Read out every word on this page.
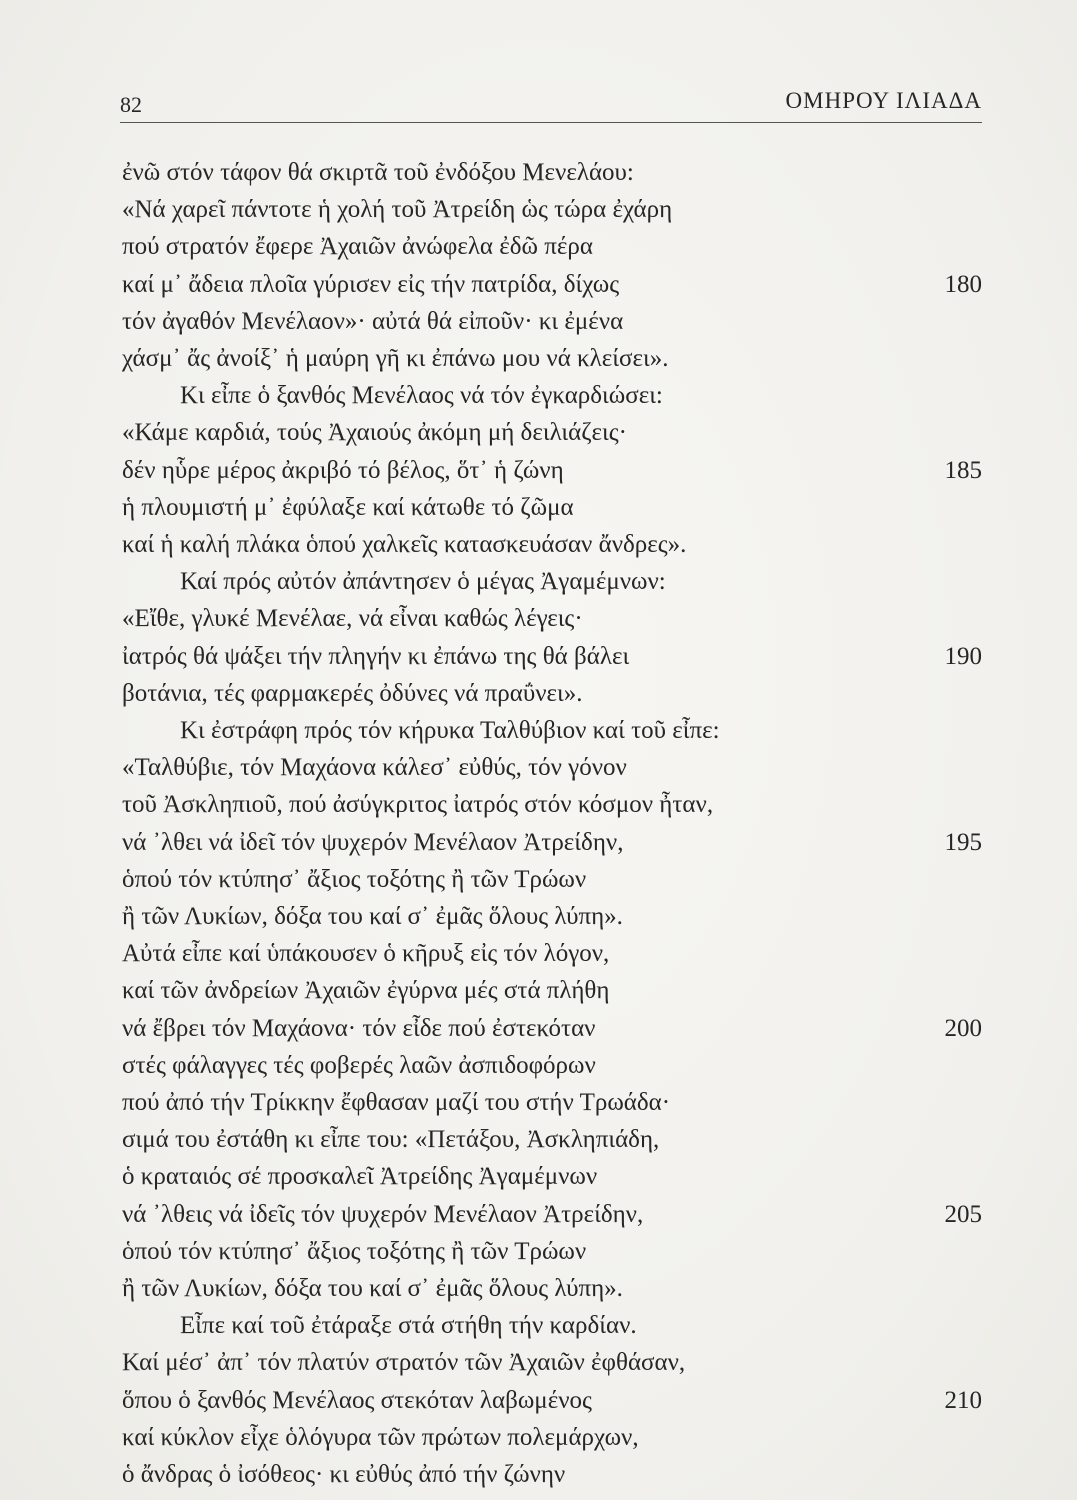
82	ΟΜΗΡΟΥ ΙΛΙΑΔΑ
ἐνῶ στόν τάφον θά σκιρτᾶ τοῦ ἐνδόξου Μενελάου:
«Νά χαρεῖ πάντοτε ἡ χολή τοῦ Ἀτρείδη ὡς τώρα ἐχάρη
πού στρατόν ἔφερε Ἀχαιῶν ἀνώφελα ἐδῶ πέρα
καί μ᾿ ἄδεια πλοῖα γύρισεν εἰς τήν πατρίδα, δίχως	180
τόν ἀγαθόν Μενέλαον»· αὐτά θά εἰποῦν· κι ἐμένα
χάσμ᾿ ἄς ἀνοίξ᾿ ἡ μαύρη γῆ κι ἐπάνω μου νά κλείσει».
Κι εἶπε ὁ ξανθός Μενέλαος νά τόν ἐγκαρδιώσει:
«Κάμε καρδιά, τούς Ἀχαιούς ἀκόμη μή δειλιάζεις·
δέν ηὗρε μέρος ἀκριβό τό βέλος, ὅτ᾿ ἡ ζώνη	185
ἡ πλουμιστή μ᾿ ἐφύλαξε καί κάτωθε τό ζῶμα
καί ἡ καλή πλάκα ὁπού χαλκεῖς κατασκευάσαν ἄνδρες».
Καί πρός αὐτόν ἀπάντησεν ὁ μέγας Ἀγαμέμνων:
«Εἴθε, γλυκέ Μενέλαε, νά εἶναι καθώς λέγεις·
ἰατρός θά ψάξει τήν πληγήν κι ἐπάνω της θά βάλει	190
βοτάνια, τές φαρμακερές ὀδύνες νά πραΰνει».
Κι ἐστράφη πρός τόν κήρυκα Ταλθύβιον καί τοῦ εἶπε:
«Ταλθύβιε, τόν Μαχάονα κάλεσ᾿ εὐθύς, τόν γόνον
τοῦ Ἀσκληπιοῦ, πού ἀσύγκριτος ἰατρός στόν κόσμον ἦταν,
νά ᾿λθει νά ἰδεῖ τόν ψυχερόν Μενέλαον Ἀτρείδην,	195
ὁπού τόν κτύπησ᾿ ἄξιος τοξότης ἢ τῶν Τρώων
ἢ τῶν Λυκίων, δόξα του καί σ᾿ ἐμᾶς ὅλους λύπη».
Αὐτά εἶπε καί ὑπάκουσεν ὁ κῆρυξ εἰς τόν λόγον,
καί τῶν ἀνδρείων Ἀχαιῶν ἐγύρνα μές στά πλήθη
νά ἔβρει τόν Μαχάονα· τόν εἶδε πού ἐστεκόταν	200
στές φάλαγγες τές φοβερές λαῶν ἀσπιδοφόρων
πού ἀπό τήν Τρίκκην ἔφθασαν μαζί του στήν Τρωάδα·
σιμά του ἐστάθη κι εἶπε του: «Πετάξου, Ἀσκληπιάδη,
ὁ κραταιός σέ προσκαλεῖ Ἀτρείδης Ἀγαμέμνων
νά ᾿λθεις νά ἰδεῖς τόν ψυχερόν Μενέλαον Ἀτρείδην,	205
ὁπού τόν κτύπησ᾿ ἄξιος τοξότης ἢ τῶν Τρώων
ἢ τῶν Λυκίων, δόξα του καί σ᾿ ἐμᾶς ὅλους λύπη».
Εἶπε καί τοῦ ἐτάραξε στά στήθη τήν καρδίαν.
Καί μέσ᾿ ἀπ᾿ τόν πλατύν στρατόν τῶν Ἀχαιῶν ἐφθάσαν,
ὅπου ὁ ξανθός Μενέλαος στεκόταν λαβωμένος	210
καί κύκλον εἶχε ὁλόγυρα τῶν πρώτων πολεμάρχων,
ὁ ἄνδρας ὁ ἰσόθεος· κι εὐθύς ἀπό τήν ζώνην
